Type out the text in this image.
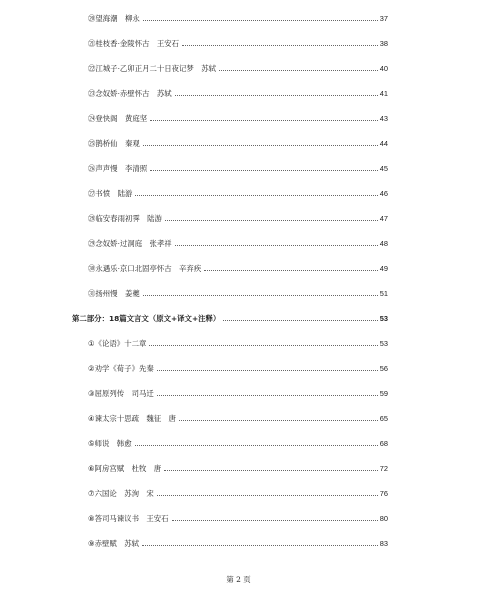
⑳望海潮　柳永	37
㉑桂枝香·金陵怀古　王安石	38
㉒江城子·乙卯正月二十日夜记梦　苏轼	40
㉓念奴娇·赤壁怀古　苏轼	41
㉔登快阁　黄庭坚	43
㉕鹊桥仙　秦观	44
㉖声声慢　李清照	45
㉗书愤　陆游	46
㉘临安春雨初霁　陆游	47
㉙念奴娇·过洞庭　张孝祥	48
㉚永遇乐·京口北固亭怀古　辛弃疾	49
㉛扬州慢　姜夔	51
第二部分：18篇文言文（原文+译文+注释）	53
①《论语》十二章	53
②劝学《荀子》先秦	56
③屈原列传　司马迁	59
④谏太宗十思疏　魏征　唐	65
⑤师说　韩愈	68
⑥阿房宫赋　杜牧　唐	72
⑦六国论　苏洵　宋	76
⑧答司马谏议书　王安石	80
⑨赤壁赋　苏轼	83
第 2 页
